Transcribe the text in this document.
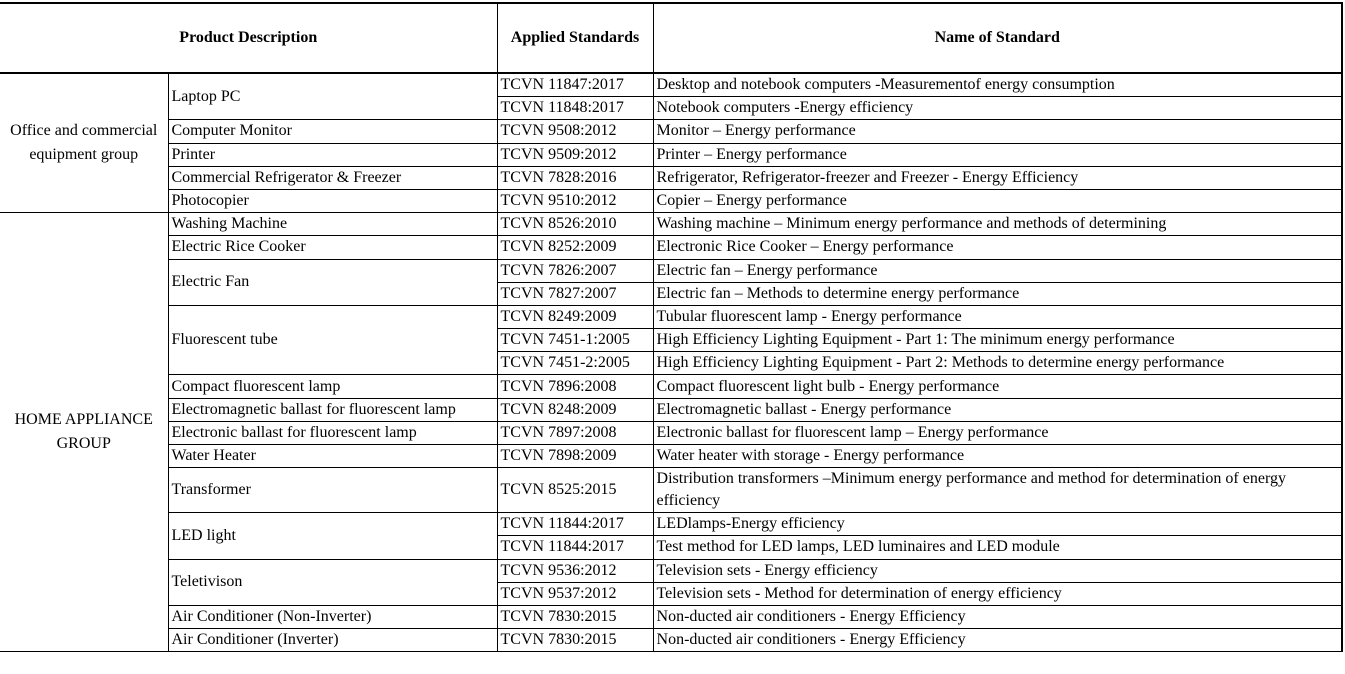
Product Description		Applied Standards	Name of Standard
Office and commercial equipment group	Laptop PC	TCVN 11847:2017	Desktop and notebook computers -Measurementof energy consumption
		TCVN 11848:2017	Notebook computers -Energy efficiency
	Computer Monitor	TCVN 9508:2012	Monitor – Energy performance
	Printer	TCVN 9509:2012	Printer – Energy performance
	Commercial Refrigerator & Freezer	TCVN 7828:2016	Refrigerator, Refrigerator-freezer and Freezer - Energy Efficiency
	Photocopier	TCVN 9510:2012	Copier – Energy performance
HOME APPLIANCE GROUP	Washing Machine	TCVN 8526:2010	Washing machine – Minimum energy performance and methods of determining
	Electric Rice Cooker	TCVN 8252:2009	Electronic Rice Cooker – Energy performance
	Electric Fan	TCVN 7826:2007	Electric fan – Energy performance
		TCVN 7827:2007	Electric fan – Methods to determine energy performance
	Fluorescent tube	TCVN 8249:2009	Tubular fluorescent lamp - Energy performance
		TCVN 7451-1:2005	High Efficiency Lighting Equipment - Part 1: The minimum energy performance
		TCVN 7451-2:2005	High Efficiency Lighting Equipment - Part 2: Methods to determine energy performance
	Compact fluorescent lamp	TCVN 7896:2008	Compact fluorescent light bulb - Energy performance
	Electromagnetic ballast for fluorescent lamp	TCVN 8248:2009	Electromagnetic ballast - Energy performance
	Electronic ballast for fluorescent lamp	TCVN 7897:2008	Electronic ballast for fluorescent lamp – Energy performance
	Water Heater	TCVN 7898:2009	Water heater with storage - Energy performance
	Transformer	TCVN 8525:2015	Distribution transformers –Minimum energy performance and method for determination of energy efficiency
	LED light	TCVN 11844:2017	LEDlamps-Energy efficiency
		TCVN 11844:2017	Test method for LED lamps, LED luminaires and LED module
	Teletivison	TCVN 9536:2012	Television sets - Energy efficiency
		TCVN 9537:2012	Television sets - Method for determination of energy efficiency
	Air Conditioner (Non-Inverter)	TCVN 7830:2015	Non-ducted air conditioners - Energy Efficiency
	Air Conditioner (Inverter)	TCVN 7830:2015	Non-ducted air conditioners - Energy Efficiency
